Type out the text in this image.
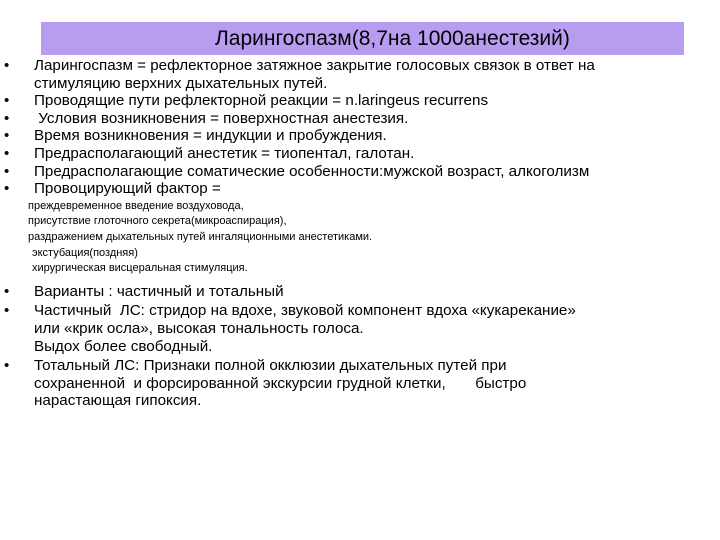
Ларингоспазм(8,7на 1000анестезий)
• Ларингоспазм = рефлекторное затяжное закрытие голосовых связок в ответ на
стимуляцию верхних дыхательных путей.
• Проводящие пути рефлекторной реакции = n.laringeus recurrens
• Условия возникновения = поверхностная анестезия.
• Время возникновения = индукции и пробуждения.
• Предрасполагающий анестетик = тиопентал, галотан.
• Предрасполагающие соматические особенности:мужской возраст, алкоголизм
• Провоцирующий фактор =
преждевременное введение воздуховода,
присутствие глоточного секрета(микроаспирация),
раздражением дыхательных путей ингаляционными анестетиками.
экстубация(поздняя)
хирургическая висцеральная стимуляция.
• Варианты : частичный и тотальный
• Частичный  ЛС: стридор на вдохе, звуковой компонент вдоха «кукарекание»
или «крик осла», высокая тональность голоса.
Выдох более свободный.
• Тотальный ЛС: Признаки полной окклюзии дыхательных путей при
сохраненной  и форсированной экскурсии грудной клетки,       быстро
нарастающая гипоксия.
